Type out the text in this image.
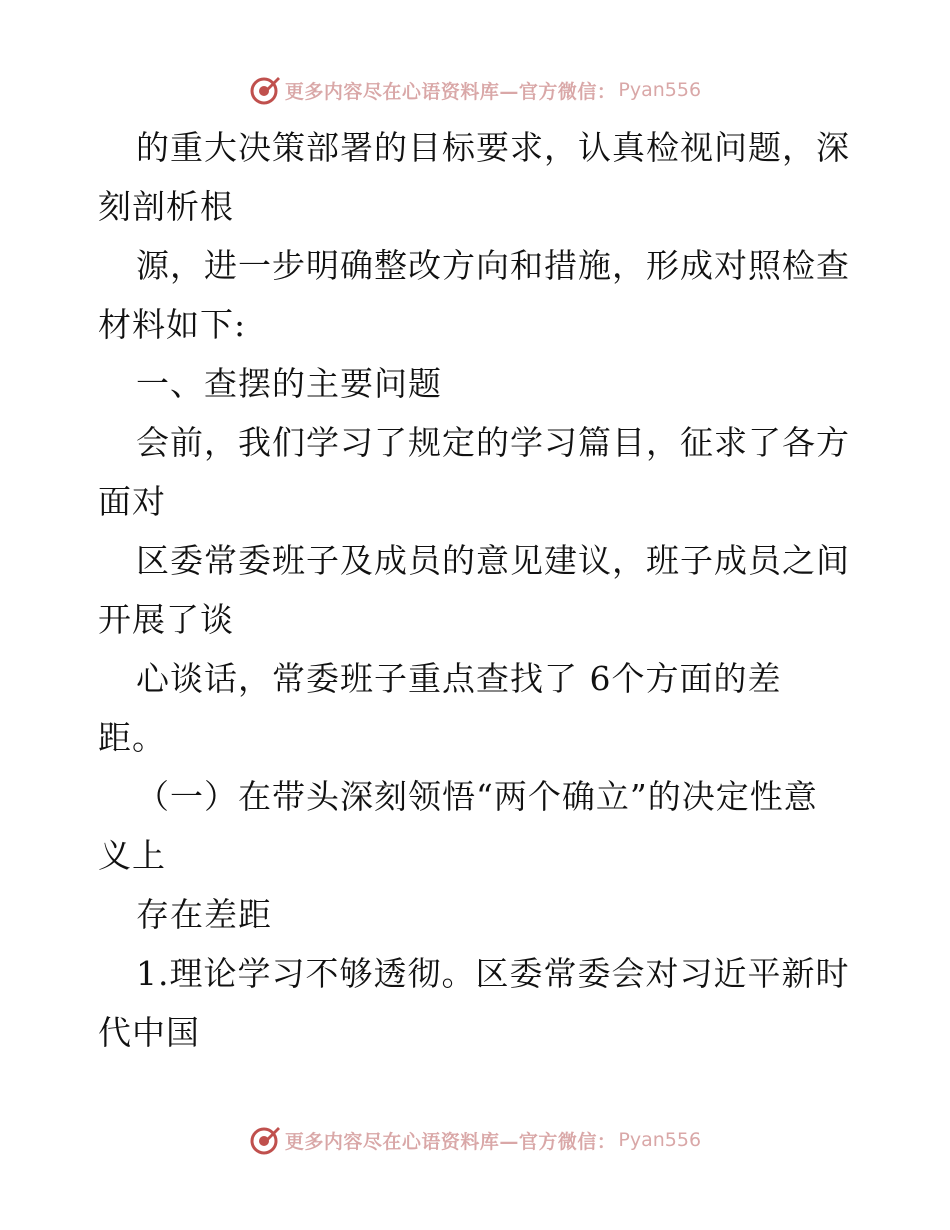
更多内容尽在心语资料库—官方微信： Pyan556
的重大决策部署的目标要求，认真检视问题，深
刻剖析根
源，进一步明确整改方向和措施，形成对照检查
材料如下:
一、查摆的主要问题
会前，我们学习了规定的学习篇目，征求了各方
面对
区委常委班子及成员的意见建议，班子成员之间
开展了谈
心谈话，常委班子重点查找了 6个方面的差
距。
（一）在带头深刻领悟“两个确立”的决定性意
义上
存在差距
1.理论学习不够透彻。区委常委会对习近平新时
代中国
更多内容尽在心语资料库—官方微信： Pyan556
